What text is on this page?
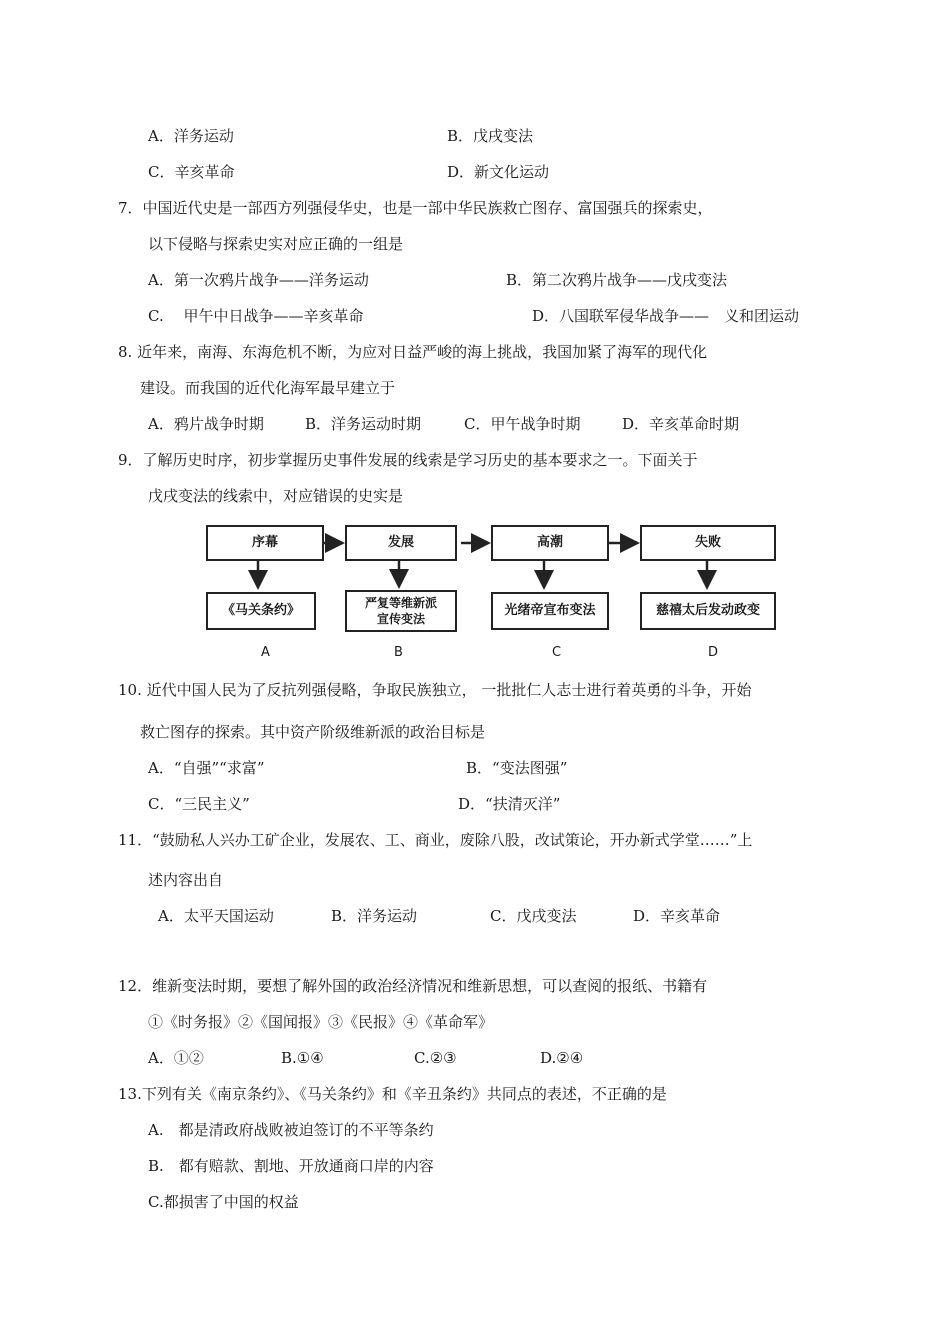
A．洋务运动	B．戊戌变法
C．辛亥革命	D．新文化运动
7．中国近代史是一部西方列强侵华史，也是一部中华民族救亡图存、富国强兵的探索史，
以下侵略与探索史实对应正确的一组是
A．第一次鸦片战争——洋务运动	B．第二次鸦片战争——戊戌变法
C.　 甲午中日战争——辛亥革命	D．八国联军侵华战争——　义和团运动
8. 近年来，南海、东海危机不断，为应对日益严峻的海上挑战，我国加紧了海军的现代化
建设。而我国的近代化海军最早建立于
A．鸦片战争时期	B．洋务运动时期	C．甲午战争时期	D．辛亥革命时期
9．了解历史时序，初步掌握历史事件发展的线索是学习历史的基本要求之一。下面关于
戊戌变法的线索中，对应错误的史实是
序幕	发展	高潮	失败
《马关条约》	严复等维新派
宣传变法
光绪帝宣布变法	慈禧太后发动政变
A	B	C	D
10. 近代中国人民为了反抗列强侵略，争取民族独立， 一批批仁人志士进行着英勇的斗争，开始
救亡图存的探索。其中资产阶级维新派的政治目标是
A．“自强”“求富”	B．“变法图强”
C．“三民主义”	D．“扶清灭洋”
11．“鼓励私人兴办工矿企业，发展农、工、商业，废除八股，改试策论，开办新式学堂……”上
述内容出自
A．太平天国运动	B．洋务运动	C．戊戌变法	D．辛亥革命
12．维新变法时期，要想了解外国的政治经济情况和维新思想，可以查阅的报纸、书籍有
①《时务报》②《国闻报》③《民报》④《革命军》
A．①②	B.①④	C.②③	D.②④
13.下列有关《南京条约》、《马关条约》和《辛丑条约》共同点的表述，不正确的是
A.　都是清政府战败被迫签订的不平等条约
B.　都有赔款、割地、开放通商口岸的内容
C.都损害了中国的权益
